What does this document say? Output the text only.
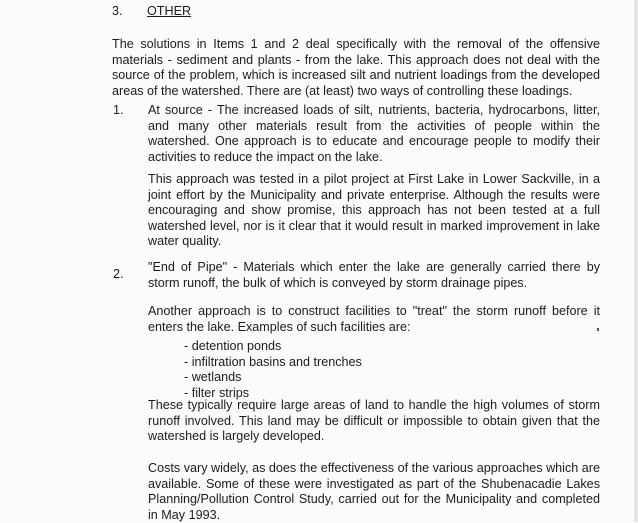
3. OTHER
The solutions in Items 1 and 2 deal specifically with the removal of the offensive materials - sediment and plants - from the lake. This approach does not deal with the source of the problem, which is increased silt and nutrient loadings from the developed areas of the watershed. There are (at least) two ways of controlling these loadings.
1. At source - The increased loads of silt, nutrients, bacteria, hydrocarbons, litter, and many other materials result from the activities of people within the watershed. One approach is to educate and encourage people to modify their activities to reduce the impact on the lake.
This approach was tested in a pilot project at First Lake in Lower Sackville, in a joint effort by the Municipality and private enterprise. Although the results were encouraging and show promise, this approach has not been tested at a full watershed level, nor is it clear that it would result in marked improvement in lake water quality.
2. "End of Pipe" - Materials which enter the lake are generally carried there by storm runoff, the bulk of which is conveyed by storm drainage pipes.
Another approach is to construct facilities to "treat" the storm runoff before it enters the lake. Examples of such facilities are:
- detention ponds
- infiltration basins and trenches
- wetlands
- filter strips
These typically require large areas of land to handle the high volumes of storm runoff involved. This land may be difficult or impossible to obtain given that the watershed is largely developed.
Costs vary widely, as does the effectiveness of the various approaches which are available. Some of these were investigated as part of the Shubenacadie Lakes Planning/Pollution Control Study, carried out for the Municipality and completed in May 1993.
